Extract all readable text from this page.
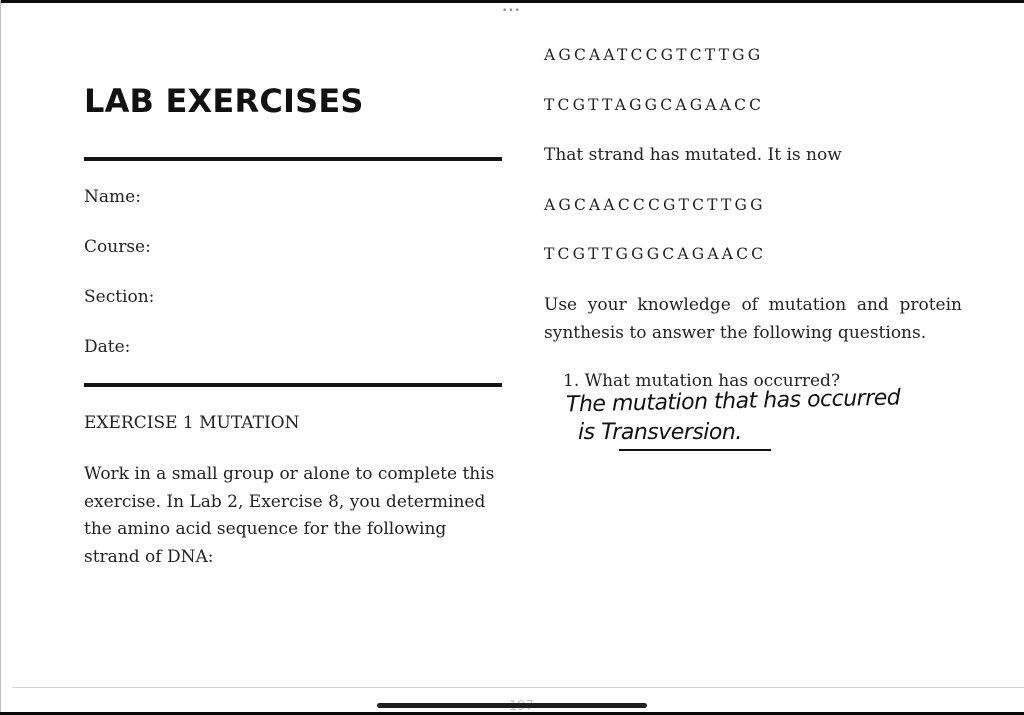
•••
LAB EXERCISES
Name:
Course:
Section:
Date:
EXERCISE 1 MUTATION
Work in a small group or alone to complete this exercise. In Lab 2, Exercise 8, you determined the amino acid sequence for the following strand of DNA:
AGCAATCCGTCTTGG
TCGTTAGGCAGAACC
That strand has mutated. It is now
AGCAACCCGTCTTGG
TCGTTGGGCAGAACC
Use your knowledge of mutation and protein synthesis to answer the following questions.
1. What mutation has occurred?
The mutation that has occurred
is Transversion.
